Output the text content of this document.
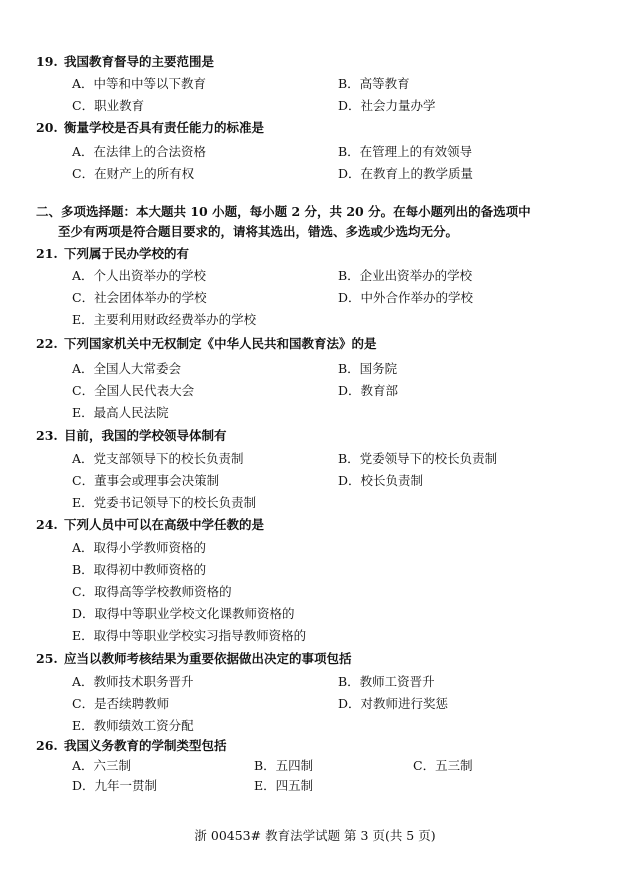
19. 我国教育督导的主要范围是
A．中等和中等以下教育	B．高等教育
C．职业教育	D．社会力量办学
20. 衡量学校是否具有责任能力的标准是
A．在法律上的合法资格	B．在管理上的有效领导
C．在财产上的所有权	D．在教育上的教学质量
二、多项选择题：本大题共 10 小题，每小题 2 分，共 20 分。在每小题列出的备选项中
至少有两项是符合题目要求的，请将其选出，错选、多选或少选均无分。
21. 下列属于民办学校的有
A．个人出资举办的学校	B．企业出资举办的学校
C．社会团体举办的学校	D．中外合作举办的学校
E．主要利用财政经费举办的学校
22. 下列国家机关中无权制定《中华人民共和国教育法》的是
A．全国人大常委会	B．国务院
C．全国人民代表大会	D．教育部
E．最高人民法院
23. 目前，我国的学校领导体制有
A．党支部领导下的校长负责制	B．党委领导下的校长负责制
C．董事会或理事会决策制	D．校长负责制
E．党委书记领导下的校长负责制
24. 下列人员中可以在高级中学任教的是
A．取得小学教师资格的
B．取得初中教师资格的
C．取得高等学校教师资格的
D．取得中等职业学校文化课教师资格的
E．取得中等职业学校实习指导教师资格的
25. 应当以教师考核结果为重要依据做出决定的事项包括
A．教师技术职务晋升	B．教师工资晋升
C．是否续聘教师	D．对教师进行奖惩
E．教师绩效工资分配
26. 我国义务教育的学制类型包括
A．六三制	B．五四制	C．五三制
D．九年一贯制	E．四五制
浙 00453# 教育法学试题 第 3 页(共 5 页)
